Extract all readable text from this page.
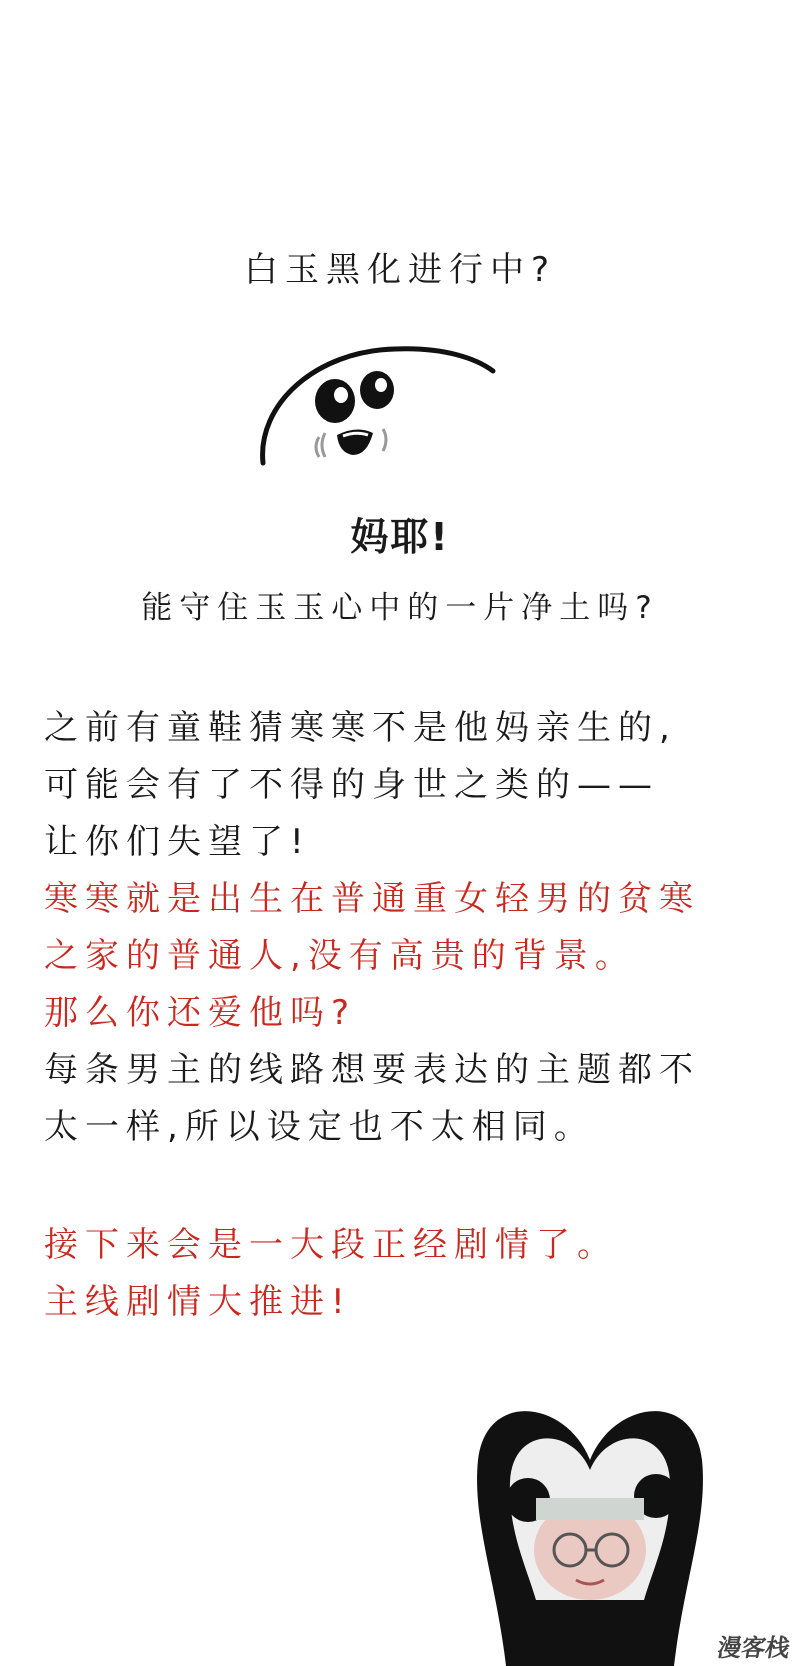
白玉黑化进行中?
妈耶!
能守住玉玉心中的一片净土吗?
之前有童鞋猜寒寒不是他妈亲生的,
可能会有了不得的身世之类的——
让你们失望了!
寒寒就是出生在普通重女轻男的贫寒
之家的普通人,没有高贵的背景。
那么你还爱他吗?
每条男主的线路想要表达的主题都不
太一样,所以设定也不太相同。
接下来会是一大段正经剧情了。
主线剧情大推进!
漫客栈
